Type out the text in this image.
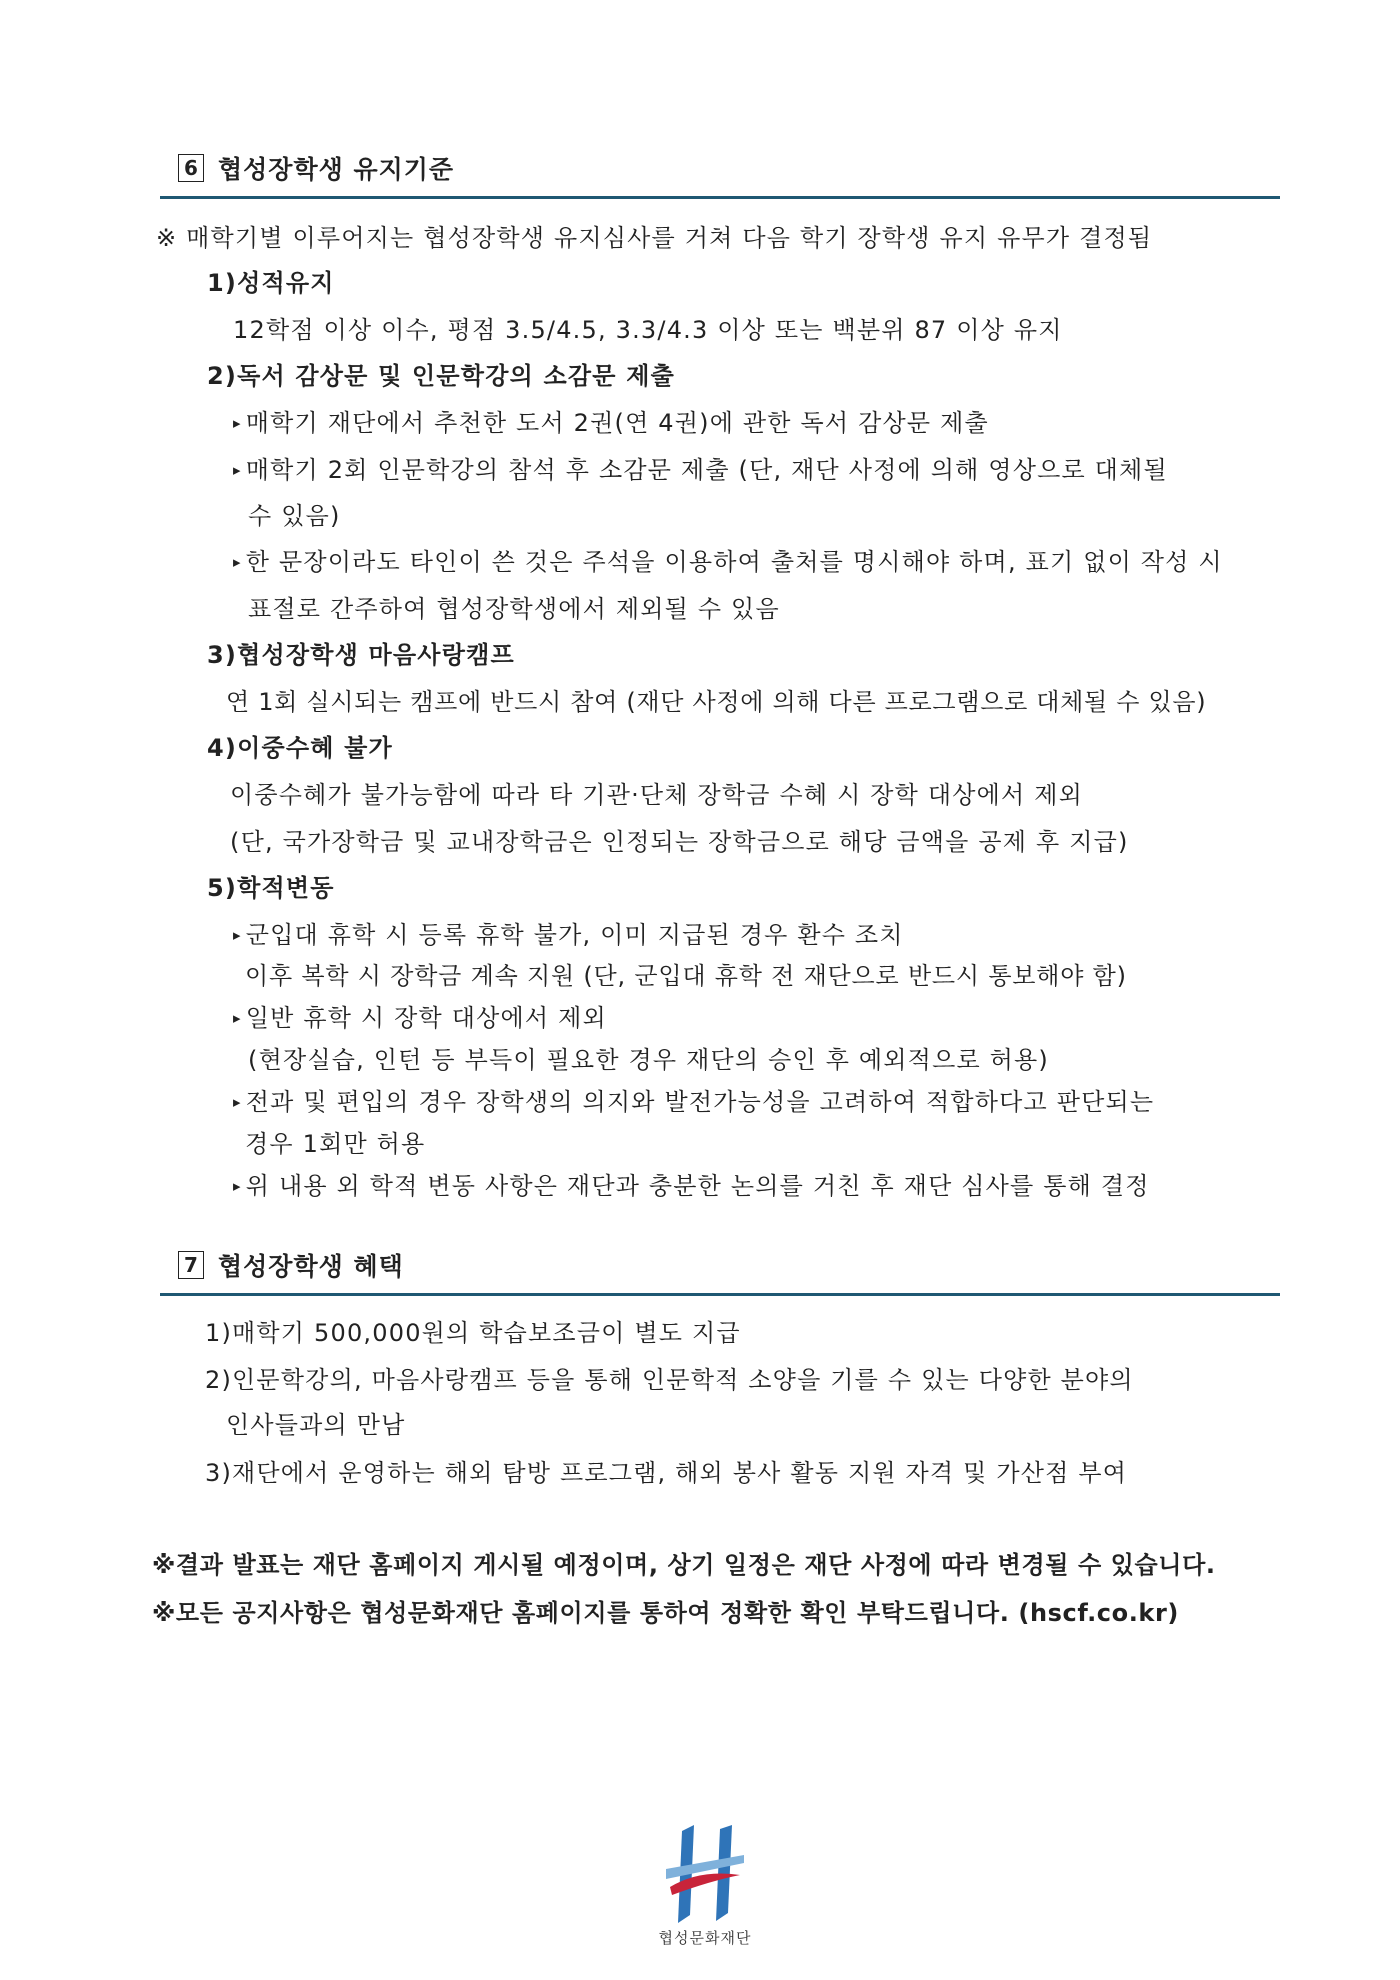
6 협성장학생 유지기준
※ 매학기별 이루어지는 협성장학생 유지심사를 거쳐 다음 학기 장학생 유지 유무가 결정됨
1)성적유지
12학점 이상 이수, 평점 3.5/4.5, 3.3/4.3 이상 또는 백분위 87 이상 유지
2)독서 감상문 및 인문학강의 소감문 제출
▸ 매학기 재단에서 추천한 도서 2권(연 4권)에 관한 독서 감상문 제출
▸ 매학기 2회 인문학강의 참석 후 소감문 제출 (단, 재단 사정에 의해 영상으로 대체될
수 있음)
▸ 한 문장이라도 타인이 쓴 것은 주석을 이용하여 출처를 명시해야 하며, 표기 없이 작성 시
표절로 간주하여 협성장학생에서 제외될 수 있음
3)협성장학생 마음사랑캠프
연 1회 실시되는 캠프에 반드시 참여 (재단 사정에 의해 다른 프로그램으로 대체될 수 있음)
4)이중수혜 불가
이중수혜가 불가능함에 따라 타 기관·단체 장학금 수혜 시 장학 대상에서 제외
(단, 국가장학금 및 교내장학금은 인정되는 장학금으로 해당 금액을 공제 후 지급)
5)학적변동
▸ 군입대 휴학 시 등록 휴학 불가, 이미 지급된 경우 환수 조치
이후 복학 시 장학금 계속 지원 (단, 군입대 휴학 전 재단으로 반드시 통보해야 함)
▸ 일반 휴학 시 장학 대상에서 제외
(현장실습, 인턴 등 부득이 필요한 경우 재단의 승인 후 예외적으로 허용)
▸ 전과 및 편입의 경우 장학생의 의지와 발전가능성을 고려하여 적합하다고 판단되는
경우 1회만 허용
▸ 위 내용 외 학적 변동 사항은 재단과 충분한 논의를 거친 후 재단 심사를 통해 결정
7 협성장학생 혜택
1)매학기 500,000원의 학습보조금이 별도 지급
2)인문학강의, 마음사랑캠프 등을 통해 인문학적 소양을 기를 수 있는 다양한 분야의
인사들과의 만남
3)재단에서 운영하는 해외 탐방 프로그램, 해외 봉사 활동 지원 자격 및 가산점 부여
※결과 발표는 재단 홈페이지 게시될 예정이며, 상기 일정은 재단 사정에 따라 변경될 수 있습니다.
※모든 공지사항은 협성문화재단 홈페이지를 통하여 정확한 확인 부탁드립니다. (hscf.co.kr)
협성문화재단
